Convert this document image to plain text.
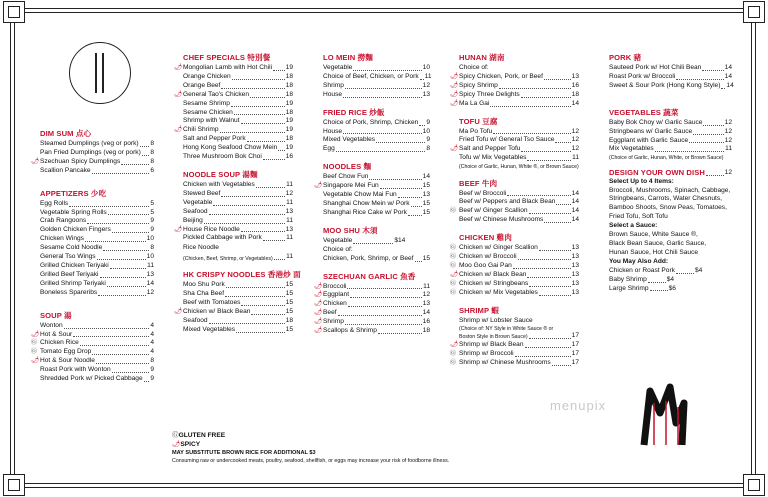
DIM SUM 点心
Steamed Dumplings (veg or pork) 8
Pan Fried Dumplings (veg or pork) 8
🌶 Szechuan Spicy Dumplings	8
Scallion Pancake	6
APPETIZERS 少吃
Egg Rolls	5
Vegetable Spring Rolls	5
Crab Rangoons	9
Golden Chicken Fingers	9
Chicken Wings	10
Sesame Cold Noodle	8
General Tso Wings	10
Grilled Chicken Teriyaki	11
Grilled Beef Teriyaki	13
Grilled Shrimp Teriyaki	14
Boneless Spareribs	12
SOUP 湯
Wonton	4
🌶 Hot & Sour	4
Ⓖ Chicken Rice	4
Ⓖ Tomato Egg Drop	4
🌶 Hot & Sour Noodle	8
Roast Pork with Wonton	9
Shredded Pork w/ Picked Cabbage 9
CHEF SPECIALS 特別餐
🌶 Mongolian Lamb with Hot Chili 19
Orange Chicken	18
Orange Beef	18
🌶 General Tao's Chicken	18
Sesame Shrimp	19
Sesame Chicken	18
Shrimp with Walnut	19
🌶 Chili Shrimp	19
Salt and Pepper Pork	18
Hong Kong Seafood Chow Mein 19
Three Mushroom Bok Choi	16
NOODLE SOUP 湯麵
Chicken with Vegetables	11
Stewed Beef	12
Vegetable	11
Seafood	13
Beijing	11
🌶 House Rice Noodle	13
Pickled Cabbage with Pork	11
Rice Noodle
(Chicken, Beef, Shrimp, or Vegetables) 11
HK CRISPY NOODLES 香港炒 面
Moo Shu Pork	15
Sha Cha Beef	15
Beef with Tomatoes	15
🌶 Chicken w/ Black Bean	15
Seafood	18
Mixed Vegetables	15
LO MEIN 撈麵
Vegetable	10
Choice of Beef, Chicken, or Pork 11
Shrimp	12
House	13
FRIED RICE 炒飯
Choice of Pork, Shrimp, Chicken 9
House	10
Mixed Vegetables	9
Egg	8
NOODLES 麵
Beef Chow Fun	14
🌶 Singapore Mei Fun	15
Vegetable Chow Mai Fun	13
Shanghai Chow Mein w/ Pork 15
Shanghai Rice Cake w/ Pork 15
MOO SHU 木須
Vegetable	$14
Choice of:
Chicken, Pork, Shrimp, or Beef 15
SZECHUAN GARLIC 魚香
🌶 Broccoli	11
🌶 Eggplant	12
🌶 Chicken	13
🌶 Beef	14
🌶 Shrimp	16
🌶 Scallops & Shrimp	18
HUNAN 湖南
Choice of:
🌶 Spicy Chicken, Pork, or Beef	13
🌶 Spicy Shrimp	16
🌶 Spicy Three Delights	18
🌶 Ma La Gai	14
TOFU 豆腐
Ma Po Tofu	12
Fried Tofu w/ General Tso Sauce	12
🌶 Salt and Pepper Tofu	12
Tofu w/ Mix Vegetables	11
(Choice of Garlic, Hunan, White ®, or Brown Sauce)
BEEF 牛肉
Beef w/ Broccoli	14
Beef w/ Peppers and Black Bean 14
Ⓖ Beef w/ Ginger Scallion	14
Beef w/ Chinese Mushrooms	14
CHICKEN 雞肉
Ⓖ Chicken w/ Ginger Scallion	13
Ⓖ Chicken w/ Broccoli	13
Ⓖ Moo Goo Gai Pan	13
🌶 Chicken w/ Black Bean	13
Ⓖ Chicken w/ Stringbeans	13
Ⓖ Chicken w/ Mix Vegetables	13
SHRIMP 蝦
Shrimp w/ Lobster Sauce
(Choice of: NY Style in White Sauce ® or
Boston Style in Brown Sauce)	17
🌶 Shrimp w/ Black Bean	17
Ⓖ Shrimp w/ Broccoli	17
Ⓖ Shrimp w/ Chinese Mushrooms	17
PORK 豬
Sauteed Pork w/ Hot Chili Bean	14
Roast Pork w/ Broccoli	14
Sweet & Sour Pork (Hong Kong Style) 14
VEGETABLES 蔬菜
Baby Bok Choy w/ Garlic Sauce	12
Stringbeans w/ Garlic Sauce	12
Eggplant with Garlic Sauce	12
Mix Vegetables	11
(Choice of Garlic, Hunan, White, or Brown Sauce)
DESIGN YOUR OWN DISH	12
Select Up to 4 Items:
Broccoli, Mushrooms, Spinach, Cabbage,
Stringbeans, Carrots, Water Chesnuts,
Bamboo Shoots, Snow Peas, Tomatoes,
Fried Tofu, Soft Tofu
Select a Sauce:
Brown Sauce, White Sauce ®,
Black Bean Sauce, Garlic Sauce,
Hunan Sauce, Hot Chili Sauce
You May Also Add:
Chicken or Roast Pork	$4
Baby Shrimp	$4
Large Shrimp	$6
ⒼGLUTEN FREE
🌶SPICY
MAY SUBSTITUTE BROWN RICE FOR ADDITIONAL $3
Consuming raw or undercooked meats, poultry, seafood, shellfish, or eggs may increase your risk of foodborne illness.
menupix
